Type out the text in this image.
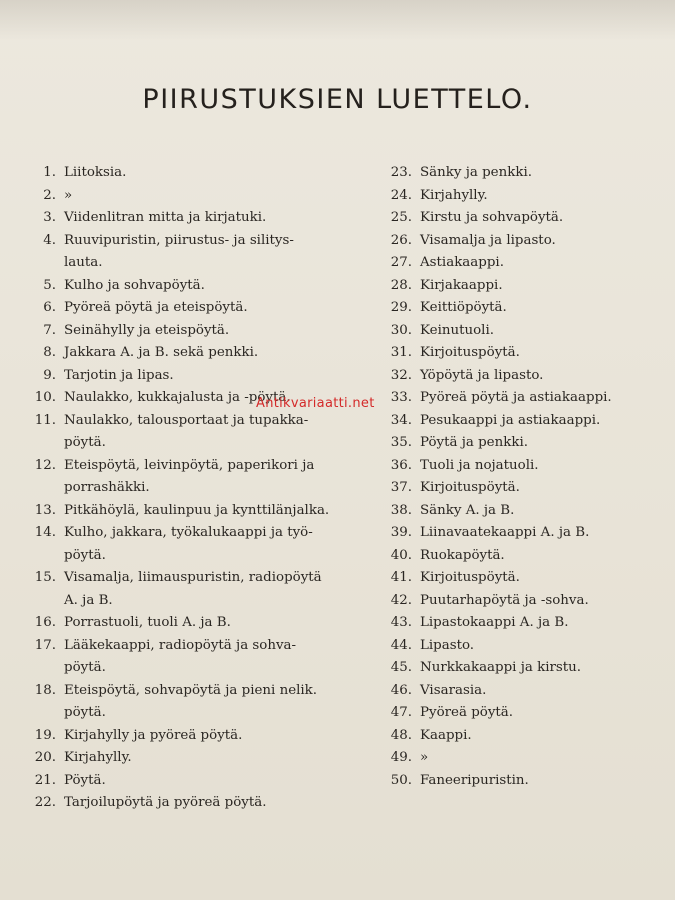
PIIRUSTUKSIEN LUETTELO.
1. Liitoksia.
2. »
3. Viidenlitran mitta ja kirjatuki.
4. Ruuvipuristin, piirustus- ja silitys-
lauta.
5. Kulho ja sohvapöytä.
6. Pyöreä pöytä ja eteispöytä.
7. Seinähylly ja eteispöytä.
8. Jakkara A. ja B. sekä penkki.
9. Tarjotin ja lipas.
10. Naulakko, kukkajalusta ja -pöytä.
11. Naulakko, talousportaat ja tupakka-
pöytä.
12. Eteispöytä, leivinpöytä, paperikori ja
porrashäkki.
13. Pitkähöylä, kaulinpuu ja kynttilänjalka.
14. Kulho, jakkara, työkalukaappi ja työ-
pöytä.
15. Visamalja, liimauspuristin, radiopöytä
A. ja B.
16. Porrastuoli, tuoli A. ja B.
17. Lääkekaappi, radiopöytä ja sohva-
pöytä.
18. Eteispöytä, sohvapöytä ja pieni nelik.
pöytä.
19. Kirjahylly ja pyöreä pöytä.
20. Kirjahylly.
21. Pöytä.
22. Tarjoilupöytä ja pyöreä pöytä.
23. Sänky ja penkki.
24. Kirjahylly.
25. Kirstu ja sohvapöytä.
26. Visamalja ja lipasto.
27. Astiakaappi.
28. Kirjakaappi.
29. Keittiöpöytä.
30. Keinutuoli.
31. Kirjoituspöytä.
32. Yöpöytä ja lipasto.
33. Pyöreä pöytä ja astiakaappi.
34. Pesukaappi ja astiakaappi.
35. Pöytä ja penkki.
36. Tuoli ja nojatuoli.
37. Kirjoituspöytä.
38. Sänky A. ja B.
39. Liinavaatekaappi A. ja B.
40. Ruokapöytä.
41. Kirjoituspöytä.
42. Puutarhapöytä ja -sohva.
43. Lipastokaappi A. ja B.
44. Lipasto.
45. Nurkkakaappi ja kirstu.
46. Visarasia.
47. Pyöreä pöytä.
48. Kaappi.
49. »
50. Faneeripuristin.
Antikvariaatti.net
